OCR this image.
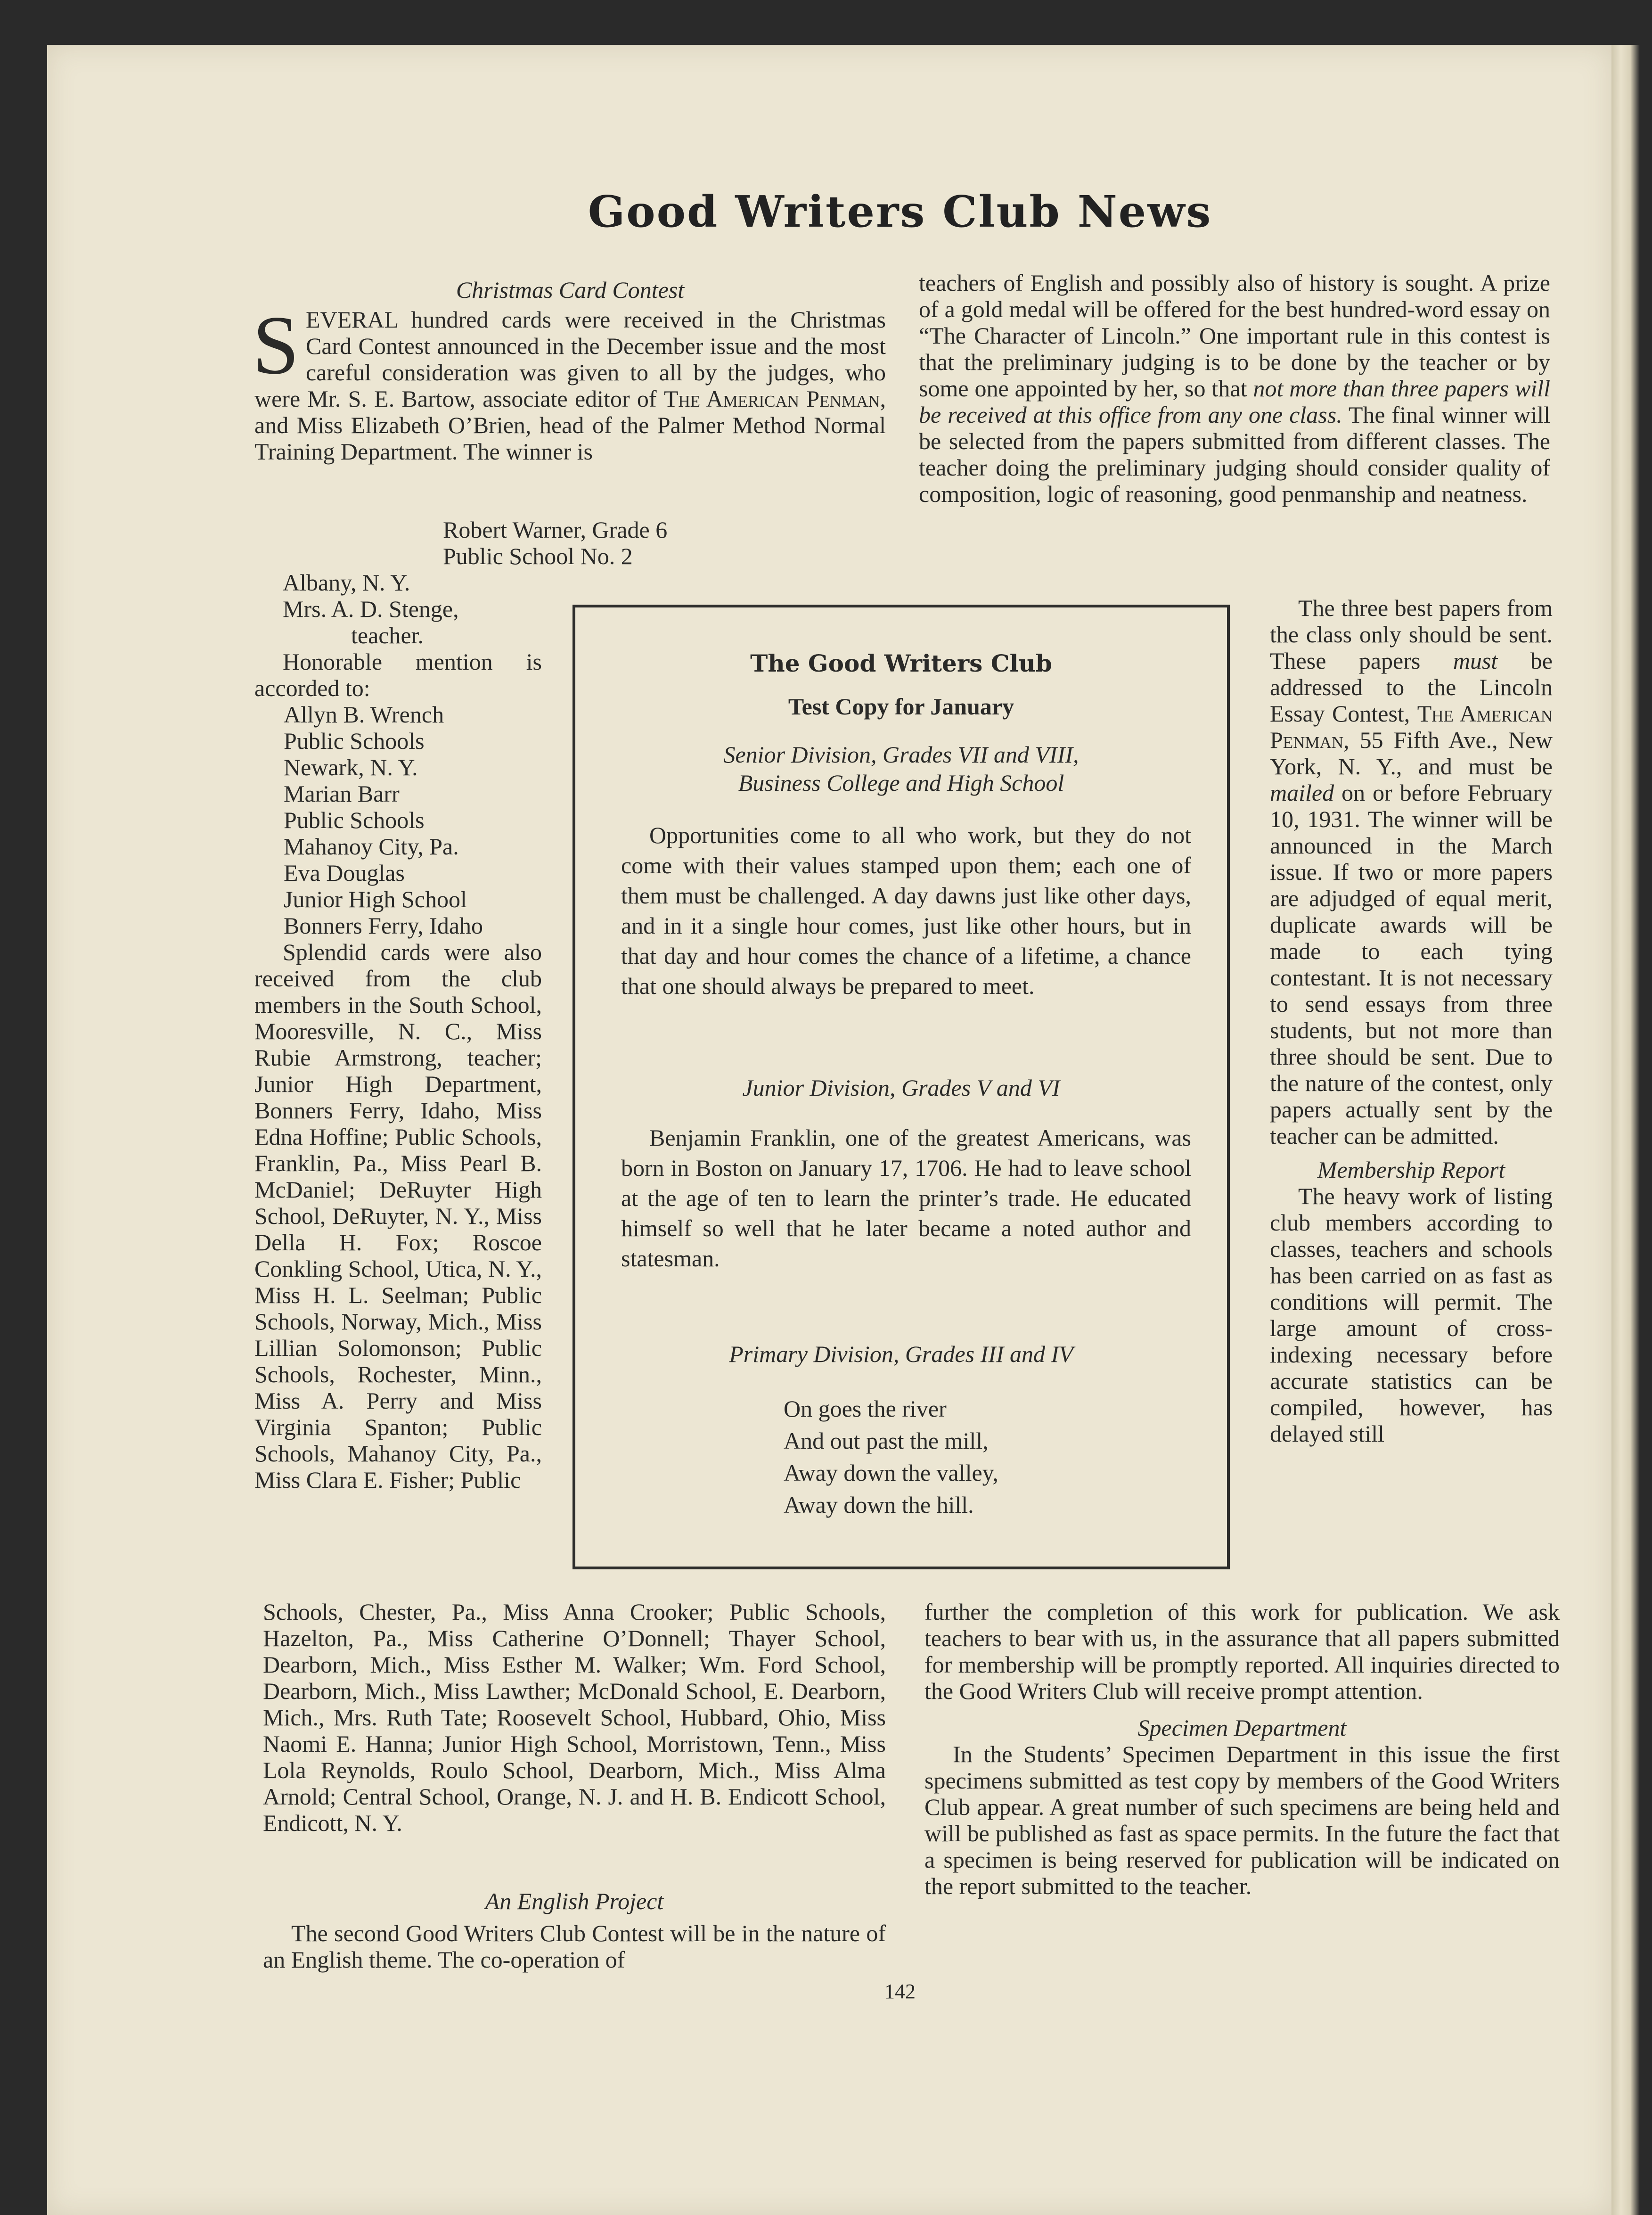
Good Writers Club News
Christmas Card Contest

SEVERAL hundred cards were received in the Christmas Card Contest announced in the December issue and the most careful consideration was given to all by the judges, who were Mr. S. E. Bartow, associate editor of The American Penman, and Miss Elizabeth O’Brien, head of the Palmer Method Normal Training Department. The winner is

Robert Warner, Grade 6
Public School No. 2
Albany, N. Y.
Mrs. A. D. Stenge,
teacher.

Honorable mention is accorded to:

Allyn B. Wrench
Public Schools
Newark, N. Y.
Marian Barr
Public Schools
Mahanoy City, Pa.
Eva Douglas
Junior High School
Bonners Ferry, Idaho

Splendid cards were also received from the club members in the South School, Mooresville, N. C., Miss Rubie Armstrong, teacher; Junior High Department, Bonners Ferry, Idaho, Miss Edna Hoffine; Public Schools, Franklin, Pa., Miss Pearl B. McDaniel; DeRuyter High School, DeRuyter, N. Y., Miss Della H. Fox; Roscoe Conkling School, Utica, N. Y., Miss H. L. Seelman; Public Schools, Norway, Mich., Miss Lillian Solomonson; Public Schools, Rochester, Minn., Miss A. Perry and Miss Virginia Spanton; Public Schools, Mahanoy City, Pa., Miss Clara E. Fisher; Public

Schools, Chester, Pa., Miss Anna Crooker; Public Schools, Hazelton, Pa., Miss Catherine O’Donnell; Thayer School, Dearborn, Mich., Miss Esther M. Walker; Wm. Ford School, Dearborn, Mich., Miss Lawther; McDonald School, E. Dearborn, Mich., Mrs. Ruth Tate; Roosevelt School, Hubbard, Ohio, Miss Naomi E. Hanna; Junior High School, Morristown, Tenn., Miss Lola Reynolds, Roulo School, Dearborn, Mich., Miss Alma Arnold; Central School, Orange, N. J. and H. B. Endicott School, Endicott, N. Y.

An English Project

The second Good Writers Club Contest will be in the nature of an English theme. The co-operation of

teachers of English and possibly also of history is sought. A prize of a gold medal will be offered for the best hundred-word essay on “The Character of Lincoln.” One important rule in this contest is that the preliminary judging is to be done by the teacher or by some one appointed by her, so that not more than three papers will be received at this office from any one class. The final winner will be selected from the papers submitted from different classes. The teacher doing the preliminary judging should consider quality of composition, logic of reasoning, good penmanship and neatness.

The three best papers from the class only should be sent. These papers must be addressed to the Lincoln Essay Contest, The American Penman, 55 Fifth Ave., New York, N. Y., and must be mailed on or before February 10, 1931. The winner will be announced in the March issue. If two or more papers are adjudged of equal merit, duplicate awards will be made to each tying contestant. It is not necessary to send essays from three students, but not more than three should be sent. Due to the nature of the contest, only papers actually sent by the teacher can be admitted.

Membership Report

The heavy work of listing club members according to classes, teachers and schools has been carried on as fast as conditions will permit. The large amount of cross-indexing necessary before accurate statistics can be compiled, however, has delayed still

further the completion of this work for publication. We ask teachers to bear with us, in the assurance that all papers submitted for membership will be promptly reported. All inquiries directed to the Good Writers Club will receive prompt attention.

Specimen Department

In the Students’ Specimen Department in this issue the first specimens submitted as test copy by members of the Good Writers Club appear. A great number of such specimens are being held and will be published as fast as space permits. In the future the fact that a specimen is being reserved for publication will be indicated on the report submitted to the teacher.

The Good Writers Club
Test Copy for January
Senior Division, Grades VII and VIII,
Business College and High School

Opportunities come to all who work, but they do not come with their values stamped upon them; each one of them must be challenged. A day dawns just like other days, and in it a single hour comes, just like other hours, but in that day and hour comes the chance of a lifetime, a chance that one should always be prepared to meet.

Junior Division, Grades V and VI

Benjamin Franklin, one of the greatest Americans, was born in Boston on January 17, 1706. He had to leave school at the age of ten to learn the printer’s trade. He educated himself so well that he later became a noted author and statesman.

Primary Division, Grades III and IV
On goes the river
And out past the mill,
Away down the valley,
Away down the hill.
142
